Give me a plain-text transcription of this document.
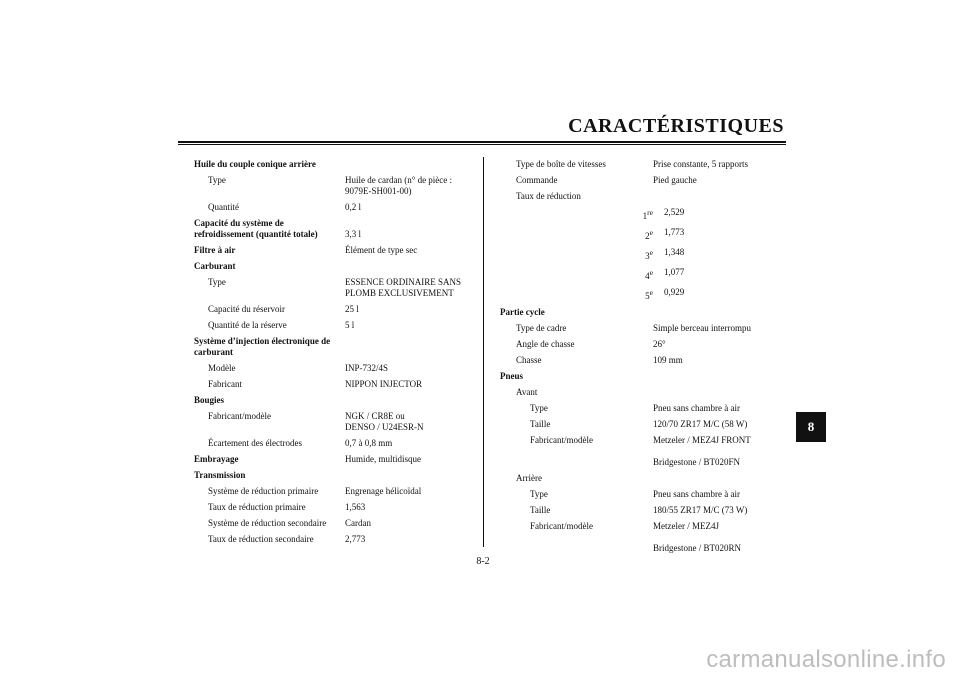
CARACTÉRISTIQUES
Huile du couple conique arrière
Type	Huile de cardan (n° de pièce :
9079E-SH001-00)
Quantité	0,2 l
Capacité du système de refroidissement (quantité totale)	3,3 l
Filtre à air	Élément de type sec
Carburant
Type	ESSENCE ORDINAIRE SANS
PLOMB EXCLUSIVEMENT
Capacité du réservoir	25 l
Quantité de la réserve	5 l
Système d’injection électronique de carburant
Modèle	INP-732/4S
Fabricant	NIPPON INJECTOR
Bougies
Fabricant/modèle	NGK / CR8E ou
DENSO / U24ESR-N
Écartement des électrodes	0,7 à 0,8 mm
Embrayage	Humide, multidisque
Transmission
Système de réduction primaire	Engrenage hélicoïdal
Taux de réduction primaire	1,563
Système de réduction secondaire	Cardan
Taux de réduction secondaire	2,773
Type de boîte de vitesses	Prise constante, 5 rapports
Commande	Pied gauche
Taux de réduction
1re	2,529
2e	1,773
3e	1,348
4e	1,077
5e	0,929
Partie cycle
Type de cadre	Simple berceau interrompu
Angle de chasse	26°
Chasse	109 mm
Pneus
Avant
Type	Pneu sans chambre à air
Taille	120/70 ZR17 M/C (58 W)
Fabricant/modèle	Metzeler / MEZ4J FRONT

Bridgestone / BT020FN
Arrière
Type	Pneu sans chambre à air
Taille	180/55 ZR17 M/C (73 W)
Fabricant/modèle	Metzeler / MEZ4J

Bridgestone / BT020RN
8
8-2

carmanualsonline.info
